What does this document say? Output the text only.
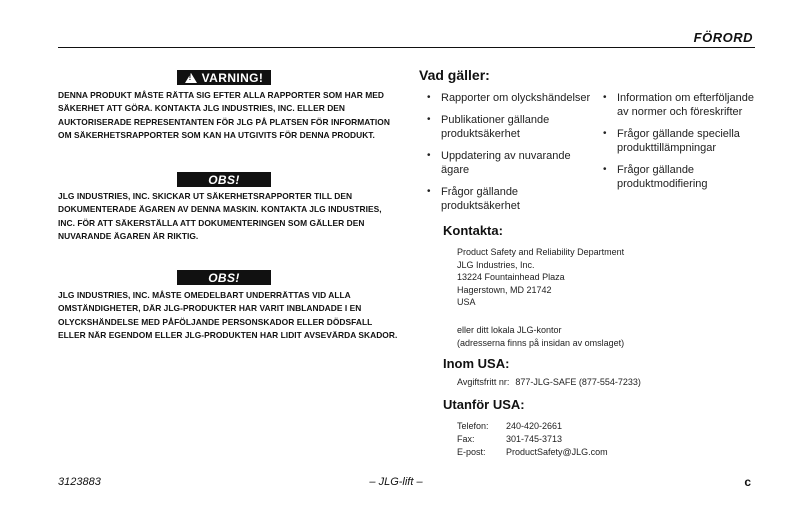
FÖRORD
!
VARNING!

DENNA PRODUKT MÅSTE RÄTTA SIG EFTER ALLA RAPPORTER SOM HAR MED SÄKERHET ATT GÖRA. KONTAKTA JLG INDUSTRIES, INC. ELLER DEN AUKTORISERADE REPRESENTANTEN FÖR JLG PÅ PLATSEN FÖR INFORMATION OM SÄKERHETSRAPPORTER SOM KAN HA UTGIVITS FÖR DENNA PRODUKT.

OBS!

JLG INDUSTRIES, INC. SKICKAR UT SÄKERHETSRAPPORTER TILL DEN DOKUMENTERADE ÄGAREN AV DENNA MASKIN. KONTAKTA JLG INDUSTRIES, INC. FÖR ATT SÄKERSTÄLLA ATT DOKUMENTERINGEN SOM GÄLLER DEN NUVARANDE ÄGAREN ÄR RIKTIG.

OBS!

JLG INDUSTRIES, INC. MÅSTE OMEDELBART UNDERRÄTTAS VID ALLA OMSTÄNDIGHETER, DÄR JLG-PRODUKTER HAR VARIT INBLANDADE I EN OLYCKSHÄNDELSE MED PÅFÖLJANDE PERSONSKADOR ELLER DÖDSFALL ELLER NÄR EGENDOM ELLER JLG-PRODUKTEN HAR LIDIT AVSEVÄRDA SKADOR.

Vad gäller:
• Rapporter om olyckshändelser
• Publikationer gällande produktsäkerhet
• Uppdatering av nuvarande ägare
• Frågor gällande produktsäkerhet
• Information om efterföljande av normer och föreskrifter
• Frågor gällande speciella produkttillämpningar
• Frågor gällande produktmodifiering
Kontakta:
Product Safety and Reliability Department
JLG Industries, Inc.
13224 Fountainhead Plaza
Hagerstown, MD 21742
USA
eller ditt lokala JLG-kontor
(adresserna finns på insidan av omslaget)
Inom USA:
Avgiftsfritt nr: 877-JLG-SAFE (877-554-7233)
Utanför USA:
Telefon:	240-420-2661
Fax:	301-745-3713
E-post:	ProductSafety@JLG.com
3123883	– JLG-lift –	c
